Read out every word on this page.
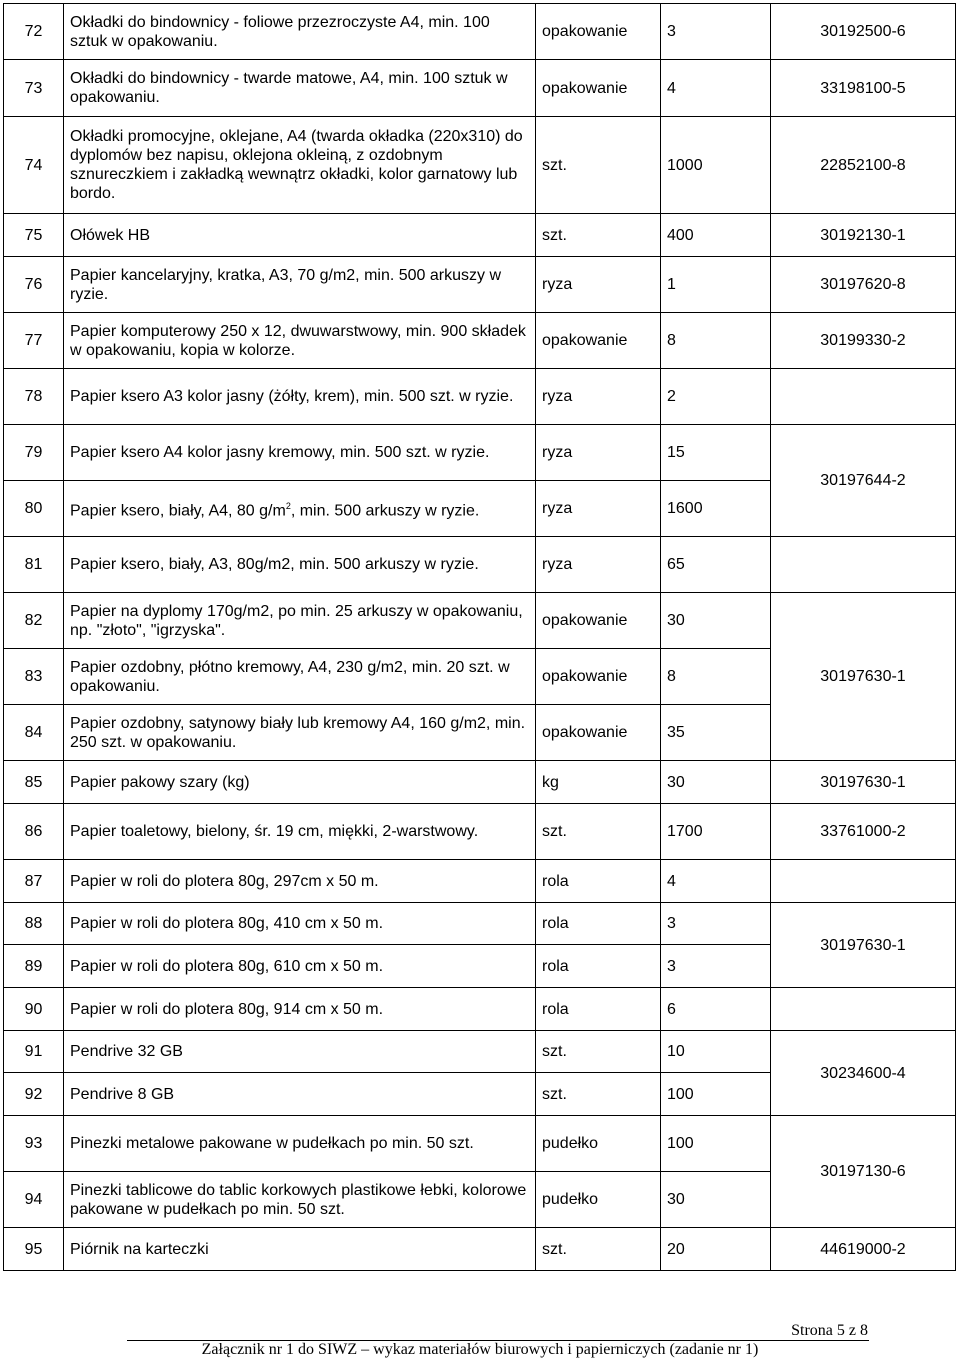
72	Okładki do bindownicy - foliowe przezroczyste A4, min. 100 sztuk w opakowaniu.	opakowanie	3	30192500-6
73	Okładki do bindownicy - twarde matowe, A4, min. 100 sztuk w opakowaniu.	opakowanie	4	33198100-5
74	Okładki promocyjne, oklejane, A4 (twarda okładka (220x310) do dyplomów bez napisu, oklejona okleiną, z ozdobnym sznureczkiem i zakładką wewnątrz okładki, kolor garnatowy lub bordo.	szt.	1000	22852100-8
75	Ołówek HB	szt.	400	30192130-1
76	Papier kancelaryjny, kratka, A3, 70 g/m2, min. 500 arkuszy w ryzie.	ryza	1	30197620-8
77	Papier komputerowy 250 x 12, dwuwarstwowy, min. 900 składek w opakowaniu, kopia w kolorze.	opakowanie	8	30199330-2
78	Papier ksero A3 kolor jasny (żółty, krem), min. 500 szt. w ryzie.	ryza	2	
79	Papier ksero A4 kolor jasny kremowy, min. 500 szt. w ryzie.	ryza	15	30197644-2
80	Papier ksero, biały, A4, 80 $g/m^2$, min. 500 arkuszy w ryzie.	ryza	1600	
81	Papier ksero, biały, A3, 80g/m2, min. 500 arkuszy w ryzie.	ryza	65	
82	Papier na dyplomy 170g/m2, po min. 25 arkuszy w opakowaniu, np. "złoto", "igrzyska".	opakowanie	30	30197630-1
83	Papier ozdobny, płótno kremowy, A4, 230 g/m2, min. 20 szt. w opakowaniu.	opakowanie	8	
84	Papier ozdobny, satynowy biały lub kremowy A4, 160 g/m2, min. 250 szt. w opakowaniu.	opakowanie	35	
85	Papier pakowy szary (kg)	kg	30	30197630-1
86	Papier toaletowy, bielony, śr. 19 cm, miękki, 2-warstwowy.	szt.	1700	33761000-2
87	Papier w roli do plotera 80g, 297cm x 50 m.	rola	4	
88	Papier w roli do plotera 80g, 410 cm x 50 m.	rola	3	30197630-1
89	Papier w roli do plotera 80g, 610 cm x 50 m.	rola	3	
90	Papier w roli do plotera 80g, 914 cm x 50 m.	rola	6	
91	Pendrive 32 GB	szt.	10	30234600-4
92	Pendrive 8 GB	szt.	100	
93	Pinezki metalowe pakowane w pudełkach po min. 50 szt.	pudełko	100	30197130-6
94	Pinezki tablicowe do tablic korkowych plastikowe łebki, kolorowe pakowane w pudełkach po min. 50 szt.	pudełko	30	
95	Piórnik na karteczki	szt.	20	44619000-2
Strona 5 z 8
Załącznik nr 1 do SIWZ – wykaz materiałów biurowych i papierniczych (zadanie nr 1)
